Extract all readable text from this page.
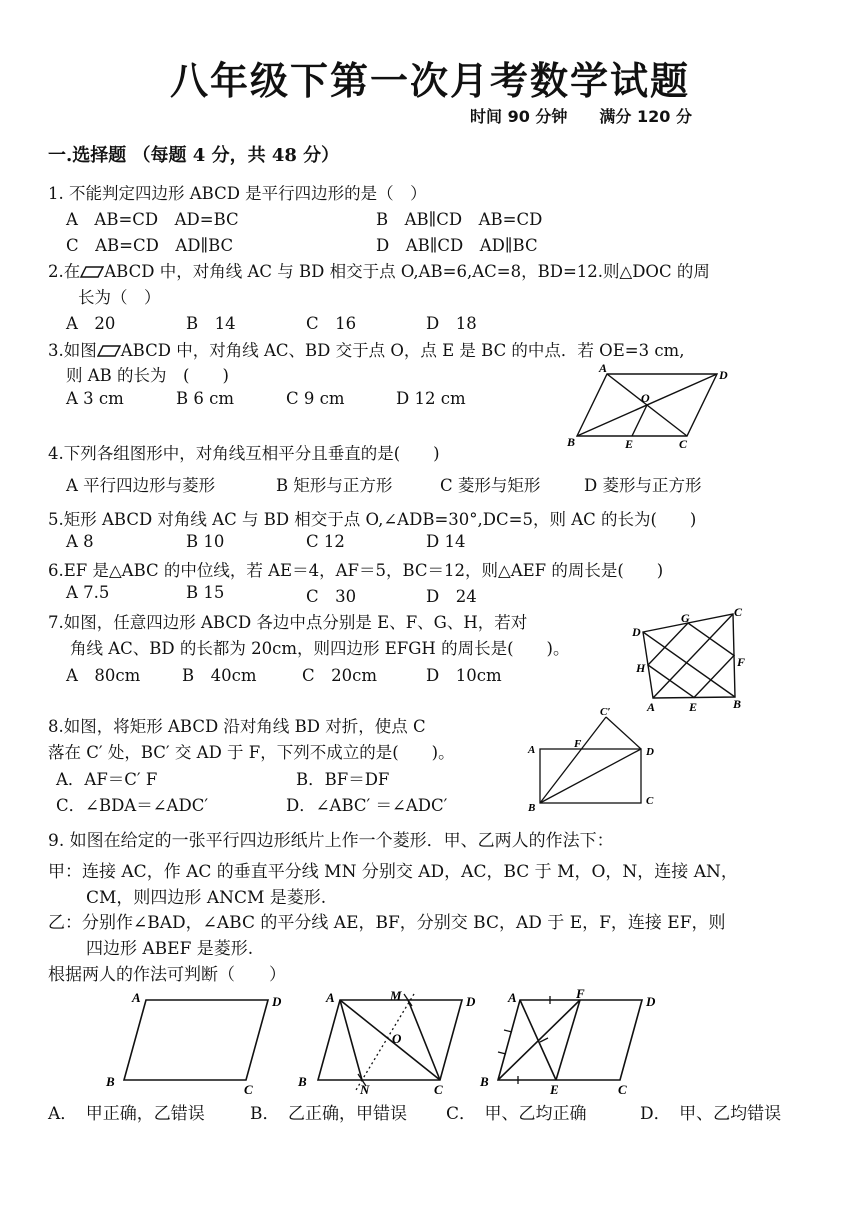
八年级下第一次月考数学试题
时间 90 分钟　　满分 120 分
一.选择题 （每题 4 分，共 48 分）
1. 不能判定四边形 ABCD 是平行四边形的是（　）
A　AB=CD　AD=BC	B　AB∥CD　AB=CD
C　AB=CD　AD∥BC	D　AB∥CD　AD∥BC
2.在 ABCD 中，对角线 AC 与 BD 相交于点 O,AB=6,AC=8，BD=12.则△DOC 的周
长为（　）
A　20	B　14	C　16	D　18
3.如图 ABCD 中，对角线 AC、BD 交于点 O，点 E 是 BC 的中点．若 OE=3 cm,
则 AB 的长为　(　　)
A 3 cm	B 6 cm	C 9 cm	D 12 cm
A	D
O
B	E	C
4.下列各组图形中，对角线互相平分且垂直的是(　　)
A 平行四边形与菱形	B 矩形与正方形	C 菱形与矩形	D 菱形与正方形
5.矩形 ABCD 对角线 AC 与 BD 相交于点 O,∠ADB=30°,DC=5，则 AC 的长为(　　)
A 8	B 10	C 12	D 14
6.EF 是△ABC 的中位线，若 AE＝4，AF＝5，BC＝12，则△AEF 的周长是(　　)
A 7.5	B 15	C　30	D　24
7.如图，任意四边形 ABCD 各边中点分别是 E、F、G、H，若对
角线 AC、BD 的长都为 20cm，则四边形 EFGH 的周长是(　　)。
A　80cm	B　40cm	C　20cm	D　10cm
D
G	C
H	F
A	E	B
8.如图，将矩形 ABCD 沿对角线 BD 对折，使点 C
落在 C′ 处，BC′ 交 AD 于 F，下列不成立的是(　　)。
A．AF＝C′ F	B．BF＝DF
C．∠BDA＝∠ADC′	D．∠ABC′ ＝∠ADC′
C′
F
A	D
B
C
9. 如图在给定的一张平行四边形纸片上作一个菱形．甲、乙两人的作法下：
甲：连接 AC，作 AC 的垂直平分线 MN 分别交 AD，AC，BC 于 M，O，N，连接 AN，
CM，则四边形 ANCM 是菱形.
乙：分别作∠BAD，∠ABC 的平分线 AE，BF，分别交 BC，AD 于 E，F，连接 EF，则
四边形 ABEF 是菱形.
根据两人的作法可判断（　　）
A	D
B
C
A	M	D
O
B
N	C
A	F
D
B
E	C
A．　甲正确，乙错误	B．　乙正确，甲错误 C．　甲、乙均正确	D．　甲、乙均错误
